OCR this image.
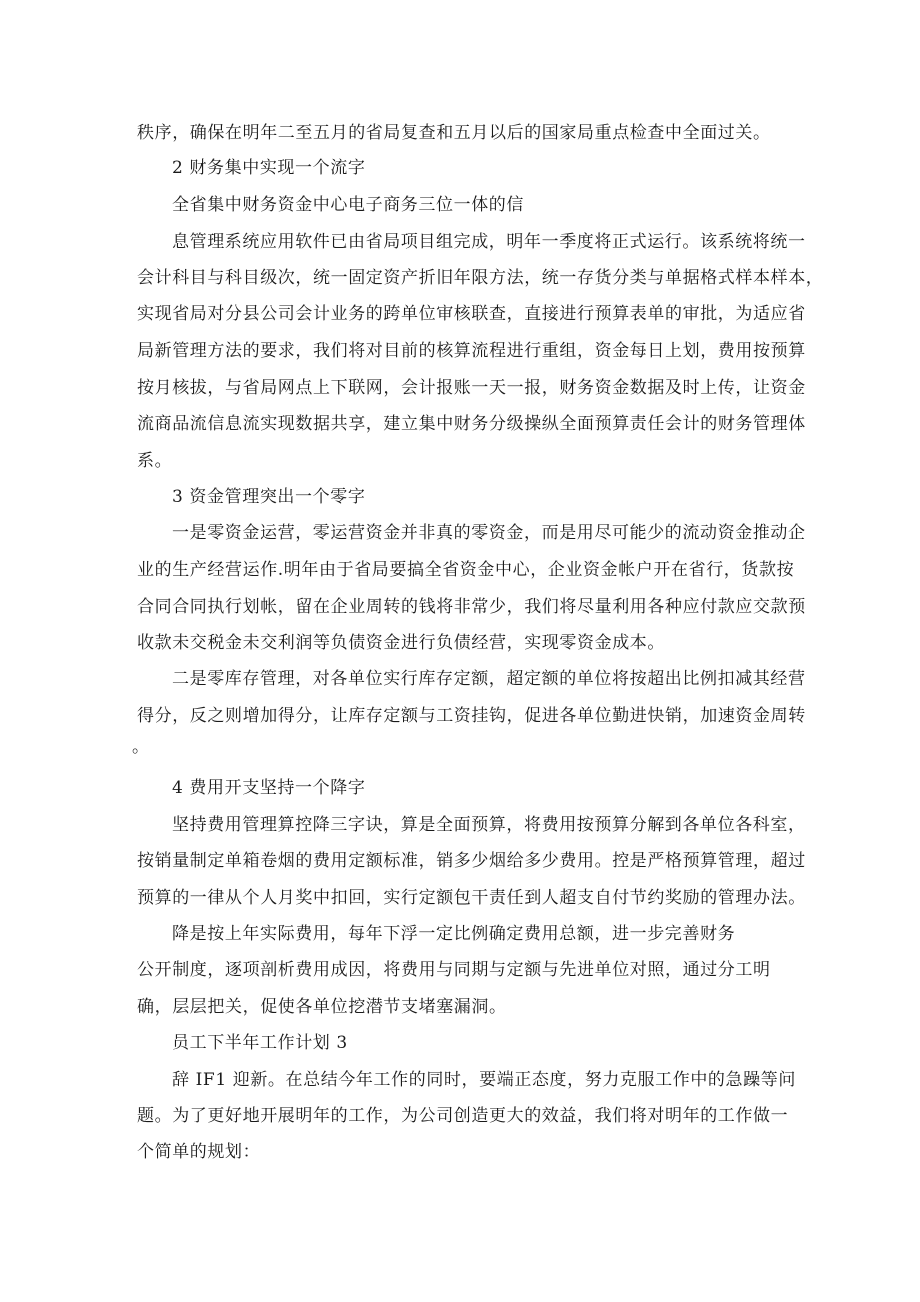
秩序，确保在明年二至五月的省局复查和五月以后的国家局重点检查中全面过关。
2 财务集中实现一个流字
全省集中财务资金中心电子商务三位一体的信
息管理系统应用软件已由省局项目组完成，明年一季度将正式运行。该系统将统一
会计科目与科目级次，统一固定资产折旧年限方法，统一存货分类与单据格式样本样本，
实现省局对分县公司会计业务的跨单位审核联查，直接进行预算表单的审批，为适应省
局新管理方法的要求，我们将对目前的核算流程进行重组，资金每日上划，费用按预算
按月核拔，与省局网点上下联网，会计报账一天一报，财务资金数据及时上传，让资金
流商品流信息流实现数据共享，建立集中财务分级操纵全面预算责任会计的财务管理体
系。
3 资金管理突出一个零字
一是零资金运营，零运营资金并非真的零资金，而是用尽可能少的流动资金推动企
业的生产经营运作.明年由于省局要搞全省资金中心，企业资金帐户开在省行，货款按
合同合同执行划帐，留在企业周转的钱将非常少，我们将尽量利用各种应付款应交款预
收款未交税金未交利润等负债资金进行负债经营，实现零资金成本。
二是零库存管理，对各单位实行库存定额，超定额的单位将按超出比例扣减其经营
得分，反之则增加得分，让库存定额与工资挂钩，促进各单位勤进快销，加速资金周转
。
4 费用开支坚持一个降字
坚持费用管理算控降三字诀，算是全面预算，将费用按预算分解到各单位各科室，
按销量制定单箱卷烟的费用定额标准，销多少烟给多少费用。控是严格预算管理，超过
预算的一律从个人月奖中扣回，实行定额包干责任到人超支自付节约奖励的管理办法。
降是按上年实际费用，每年下浮一定比例确定费用总额，进一步完善财务
公开制度，逐项剖析费用成因，将费用与同期与定额与先进单位对照，通过分工明
确，层层把关，促使各单位挖潜节支堵塞漏洞。
员工下半年工作计划 3
辞 IF1 迎新。在总结今年工作的同时，要端正态度，努力克服工作中的急躁等问
题。为了更好地开展明年的工作，为公司创造更大的效益，我们将对明年的工作做一
个简单的规划：
